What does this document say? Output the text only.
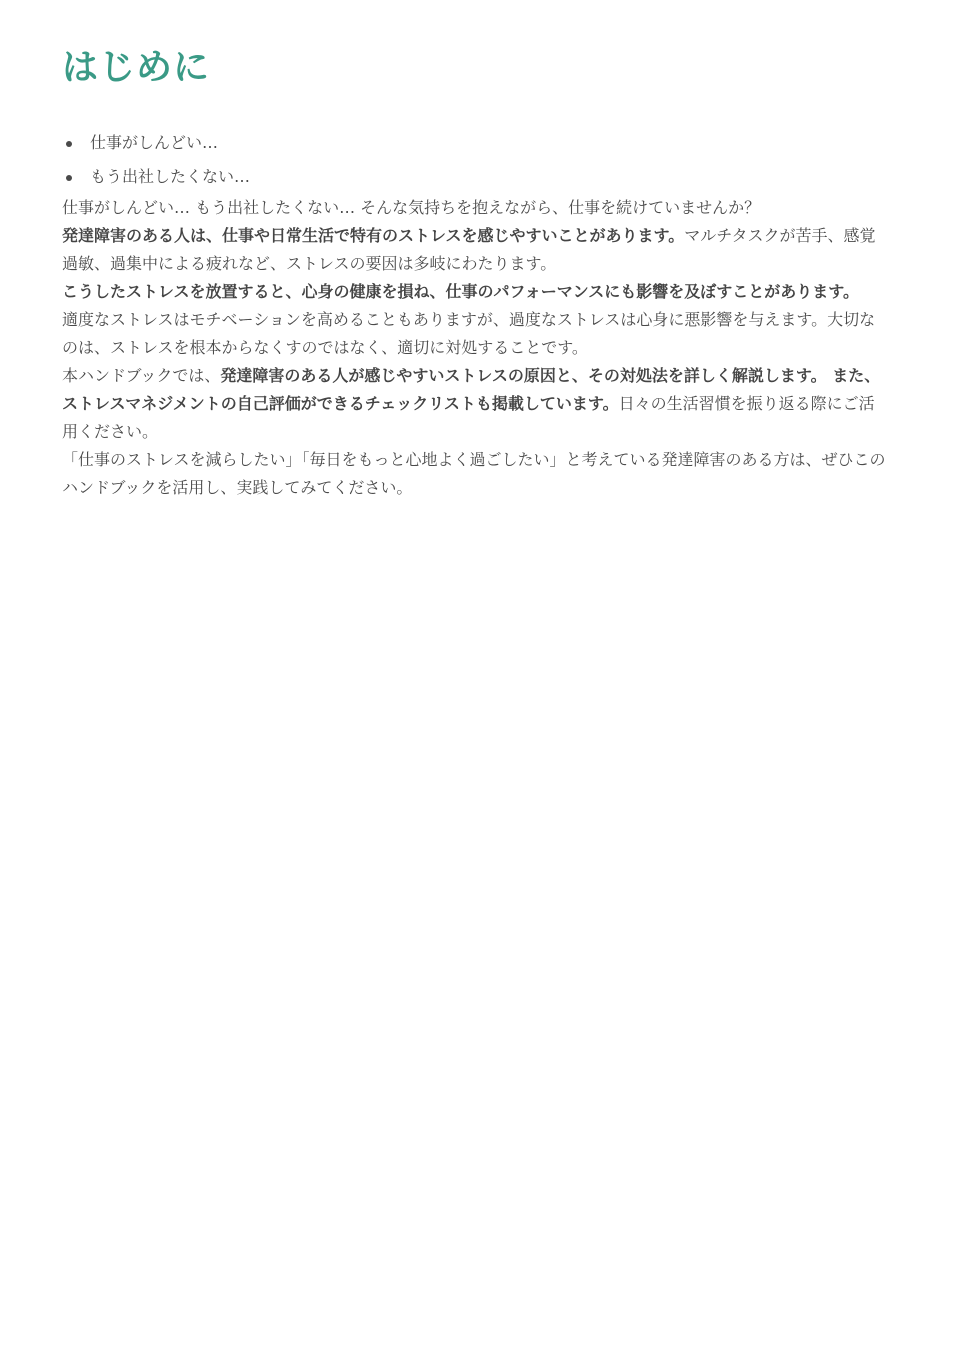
はじめに
仕事がしんどい…
もう出社したくない…

仕事がしんどい… もう出社したくない… そんな気持ちを抱えながら、仕事を続けていませんか？

発達障害のある人は、仕事や日常生活で特有のストレスを感じやすいことがあります。マルチタスクが苦手、感覚過敏、過集中による疲れなど、ストレスの要因は多岐にわたります。

こうしたストレスを放置すると、心身の健康を損ね、仕事のパフォーマンスにも影響を及ぼすことがあります。

適度なストレスはモチベーションを高めることもありますが、過度なストレスは心身に悪影響を与えます。大切なのは、ストレスを根本からなくすのではなく、適切に対処することです。

本ハンドブックでは、発達障害のある人が感じやすいストレスの原因と、その対処法を詳しく解説します。 また、ストレスマネジメントの自己評価ができるチェックリストも掲載しています。日々の生活習慣を振り返る際にご活用ください。

「仕事のストレスを減らしたい」「毎日をもっと心地よく過ごしたい」と考えている発達障害のある方は、ぜひこのハンドブックを活用し、実践してみてください。
